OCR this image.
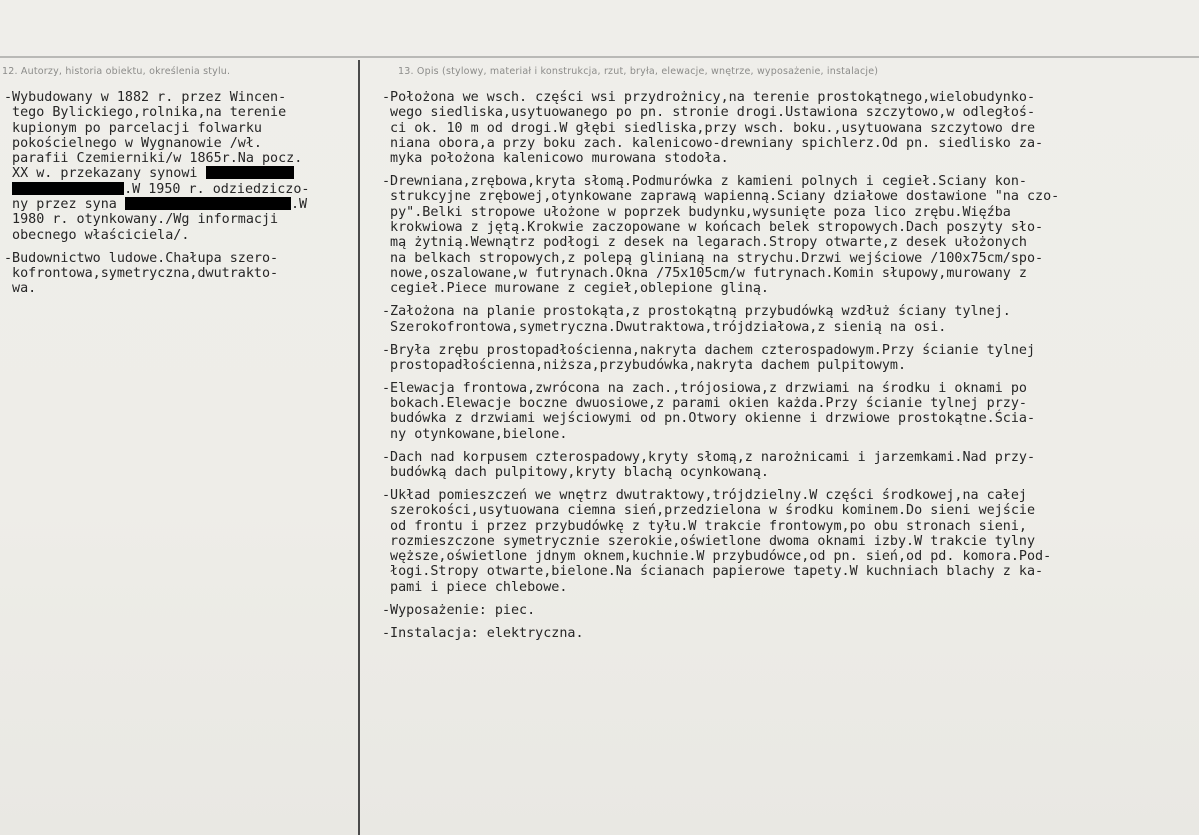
12. Autorzy, historia obiektu, określenia stylu.	13. Opis (stylowy, materiał i konstrukcja, rzut, bryła, elewacje, wnętrze, wyposażenie, instalacje)
-Wybudowany w 1882 r. przez Wincen-
tego Bylickiego,rolnika,na terenie
kupionym po parcelacji folwarku
pokościelnego w Wygnanowie /wł.
parafii Czemierniki/w 1865r.Na pocz.
XX w. przekazany synowi
.W 1950 r. odziedziczo-
ny przez syna	.W
1980 r. otynkowany./Wg informacji
obecnego właściciela/.
-Budownictwo ludowe.Chałupa szero-
kofrontowa,symetryczna,dwutrakto-
wa.
-Położona we wsch. części wsi przydrożnicy,na terenie prostokątnego,wielobudynko-
wego siedliska,usytuowanego po pn. stronie drogi.Ustawiona szczytowo,w odległoś-
ci ok. 10 m od drogi.W głębi siedliska,przy wsch. boku.,usytuowana szczytowo dre
niana obora,a przy boku zach. kalenicowo-drewniany spichlerz.Od pn. siedlisko za-
myka położona kalenicowo murowana stodoła.
-Drewniana,zrębowa,kryta słomą.Podmurówka z kamieni polnych i cegieł.Sciany kon-
strukcyjne zrębowej,otynkowane zaprawą wapienną.Sciany działowe dostawione "na czo-
py".Belki stropowe ułożone w poprzek budynku,wysunięte poza lico zrębu.Więźba
krokwiowa z jętą.Krokwie zaczopowane w końcach belek stropowych.Dach poszyty sło-
mą żytnią.Wewnątrz podłogi z desek na legarach.Stropy otwarte,z desek ułożonych
na belkach stropowych,z polepą glinianą na strychu.Drzwi wejściowe /100x75cm/spo-
nowe,oszalowane,w futrynach.Okna /75x105cm/w futrynach.Komin słupowy,murowany z
cegieł.Piece murowane z cegieł,oblepione gliną.
-Założona na planie prostokąta,z prostokątną przybudówką wzdłuż ściany tylnej.
Szerokofrontowa,symetryczna.Dwutraktowa,trójdziałowa,z sienią na osi.
-Bryła zrębu prostopadłościenna,nakryta dachem czterospadowym.Przy ścianie tylnej
prostopadłościenna,niższa,przybudówka,nakryta dachem pulpitowym.
-Elewacja frontowa,zwrócona na zach.,trójosiowa,z drzwiami na środku i oknami po
bokach.Elewacje boczne dwuosiowe,z parami okien każda.Przy ścianie tylnej przy-
budówka z drzwiami wejściowymi od pn.Otwory okienne i drzwiowe prostokątne.Ścia-
ny otynkowane,bielone.
-Dach nad korpusem czterospadowy,kryty słomą,z narożnicami i jarzemkami.Nad przy-
budówką dach pulpitowy,kryty blachą ocynkowaną.
-Układ pomieszczeń we wnętrz dwutraktowy,trójdzielny.W części środkowej,na całej
szerokości,usytuowana ciemna sień,przedzielona w środku kominem.Do sieni wejście
od frontu i przez przybudówkę z tyłu.W trakcie frontowym,po obu stronach sieni,
rozmieszczone symetrycznie szerokie,oświetlone dwoma oknami izby.W trakcie tylny
węższe,oświetlone jdnym oknem,kuchnie.W przybudówce,od pn. sień,od pd. komora.Pod-
łogi.Stropy otwarte,bielone.Na ścianach papierowe tapety.W kuchniach blachy z ka-
pami i piece chlebowe.
-Wyposażenie: piec.
-Instalacja: elektryczna.
